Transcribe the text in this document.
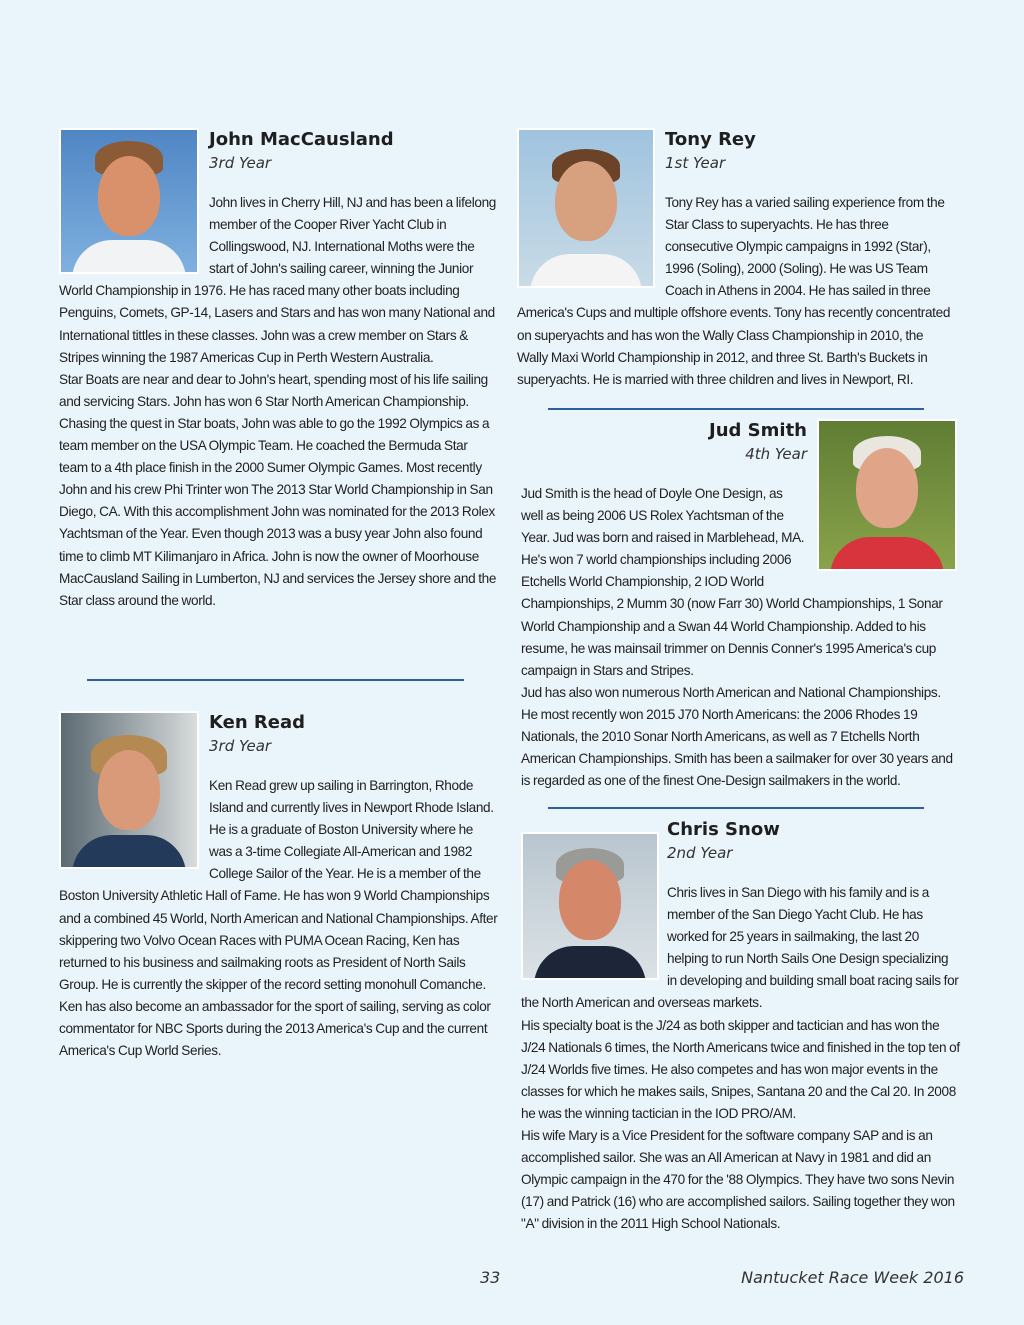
John MacCausland
3rd Year

John lives in Cherry Hill, NJ and has been a lifelong member of the Cooper River Yacht Club in Collingswood, NJ. International Moths were the start of John's sailing career, winning the Junior World Championship in 1976. He has raced many other boats including Penguins, Comets, GP-14, Lasers and Stars and has won many National and International tittles in these classes. John was a crew member on Stars & Stripes winning the 1987 Americas Cup in Perth Western Australia.

Star Boats are near and dear to John's heart, spending most of his life sailing and servicing Stars. John has won 6 Star North American Championship. Chasing the quest in Star boats, John was able to go the 1992 Olympics as a team member on the USA Olympic Team. He coached the Bermuda Star team to a 4th place finish in the 2000 Sumer Olympic Games. Most recently John and his crew Phi Trinter won The 2013 Star World Championship in San Diego, CA. With this accomplishment John was nominated for the 2013 Rolex Yachtsman of the Year. Even though 2013 was a busy year John also found time to climb MT Kilimanjaro in Africa. John is now the owner of Moorhouse MacCausland Sailing in Lumberton, NJ and services the Jersey shore and the Star class around the world.

Ken Read
3rd Year

Ken Read grew up sailing in Barrington, Rhode Island and currently lives in Newport Rhode Island. He is a graduate of Boston University where he was a 3-time Collegiate All-American and 1982 College Sailor of the Year. He is a member of the Boston University Athletic Hall of Fame. He has won 9 World Championships and a combined 45 World, North American and National Championships. After skippering two Volvo Ocean Races with PUMA Ocean Racing, Ken has returned to his business and sailmaking roots as President of North Sails Group. He is currently the skipper of the record setting monohull Comanche. Ken has also become an ambassador for the sport of sailing, serving as color commentator for NBC Sports during the 2013 America's Cup and the current America's Cup World Series.

Tony Rey
1st Year

Tony Rey has a varied sailing experience from the Star Class to superyachts. He has three consecutive Olympic campaigns in 1992 (Star), 1996 (Soling), 2000 (Soling). He was US Team Coach in Athens in 2004. He has sailed in three America's Cups and multiple offshore events. Tony has recently concentrated on superyachts and has won the Wally Class Championship in 2010, the Wally Maxi World Championship in 2012, and three St. Barth's Buckets in superyachts. He is married with three children and lives in Newport, RI.

Jud Smith
4th Year

Jud Smith is the head of Doyle One Design, as well as being 2006 US Rolex Yachtsman of the Year. Jud was born and raised in Marblehead, MA. He's won 7 world championships including 2006 Etchells World Championship, 2 IOD World Championships, 2 Mumm 30 (now Farr 30) World Championships, 1 Sonar World Championship and a Swan 44 World Championship. Added to his resume, he was mainsail trimmer on Dennis Conner's 1995 America's cup campaign in Stars and Stripes.

Jud has also won numerous North American and National Championships. He most recently won 2015 J70 North Americans: the 2006 Rhodes 19 Nationals, the 2010 Sonar North Americans, as well as 7 Etchells North American Championships. Smith has been a sailmaker for over 30 years and is regarded as one of the finest One-Design sailmakers in the world.

Chris Snow
2nd Year

Chris lives in San Diego with his family and is a member of the San Diego Yacht Club. He has worked for 25 years in sailmaking, the last 20 helping to run North Sails One Design specializing in developing and building small boat racing sails for the North American and overseas markets.

His specialty boat is the J/24 as both skipper and tactician and has won the J/24 Nationals 6 times, the North Americans twice and finished in the top ten of J/24 Worlds five times. He also competes and has won major events in the classes for which he makes sails, Snipes, Santana 20 and the Cal 20. In 2008 he was the winning tactician in the IOD PRO/AM.

His wife Mary is a Vice President for the software company SAP and is an accomplished sailor. She was an All American at Navy in 1981 and did an Olympic campaign in the 470 for the '88 Olympics. They have two sons Nevin (17) and Patrick (16) who are accomplished sailors. Sailing together they won "A" division in the 2011 High School Nationals.

33	Nantucket Race Week 2016
